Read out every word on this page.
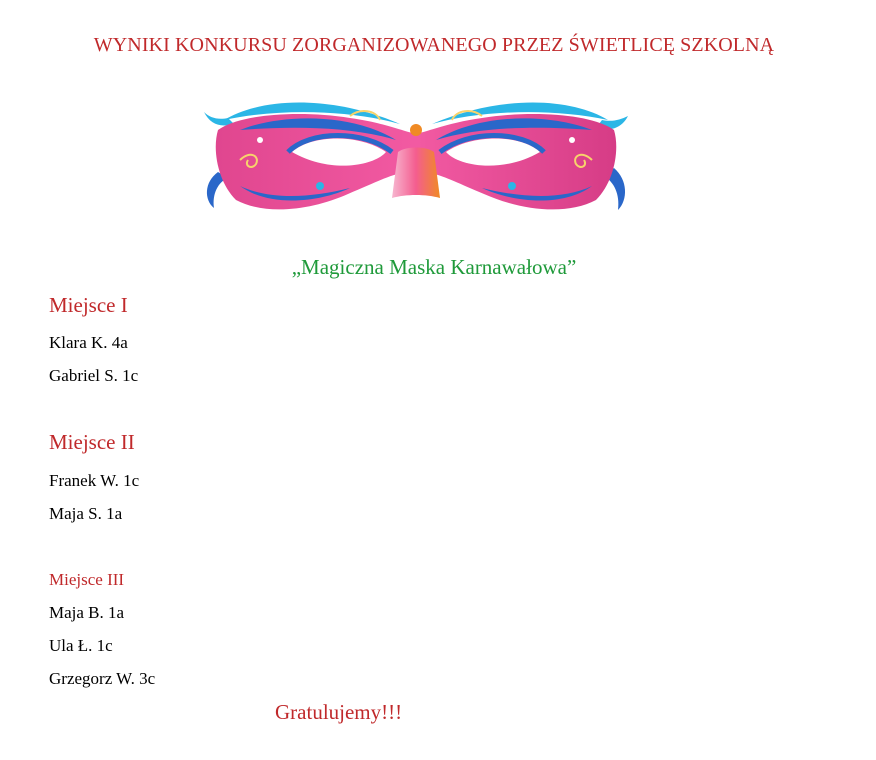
WYNIKI KONKURSU ZORGANIZOWANEGO PRZEZ ŚWIETLICĘ SZKOLNĄ
„Magiczna Maska Karnawałowa”
Miejsce I
Klara K. 4a
Gabriel S. 1c
Miejsce II
Franek W. 1c
Maja S. 1a
Miejsce III
Maja B. 1a
Ula Ł. 1c
Grzegorz W. 3c
Gratulujemy!!!
